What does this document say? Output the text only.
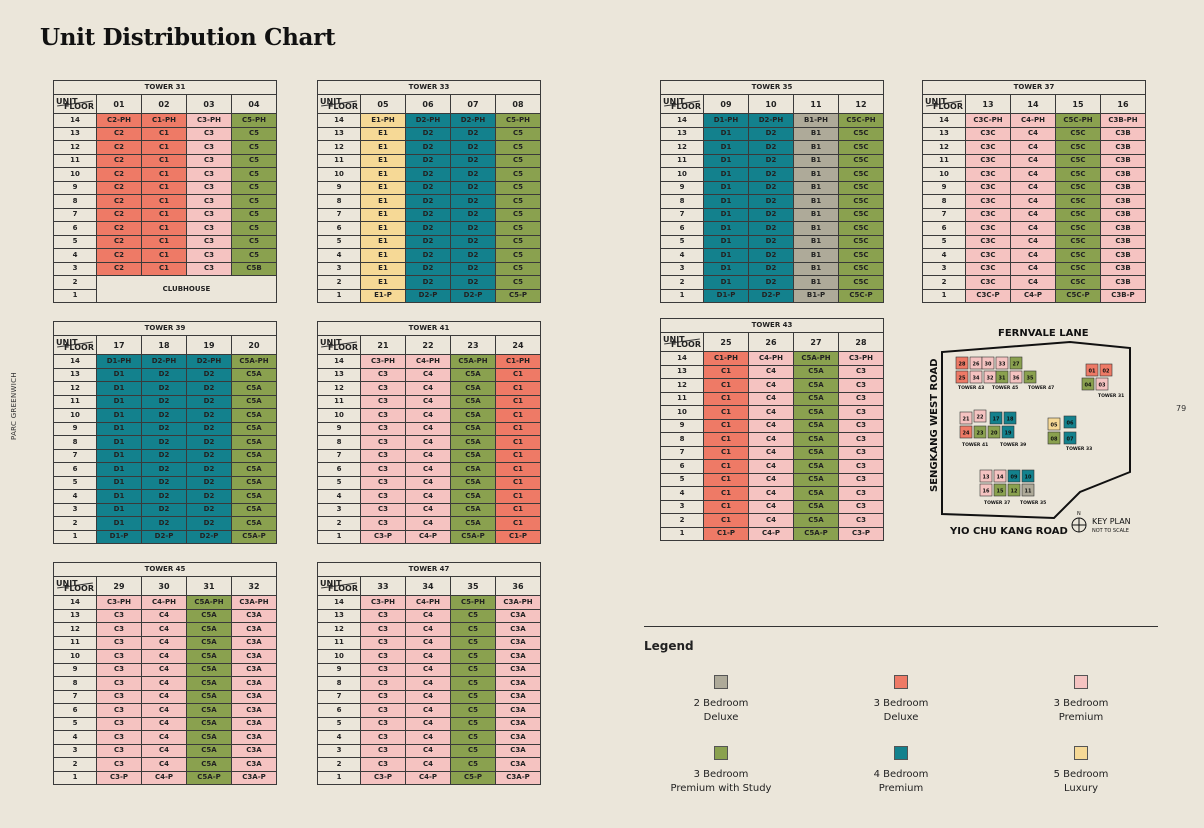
Unit Distribution Chart
PARC GREENWICH	79
TOWER 31				

UNIT
FLOOR	01	02	03	04
14	C2-PH	C1-PH	C3-PH	C5-PH
13	C2	C1	C3	C5
12	C2	C1	C3	C5
11	C2	C1	C3	C5
10	C2	C1	C3	C5
9	C2	C1	C3	C5
8	C2	C1	C3	C5
7	C2	C1	C3	C5
6	C2	C1	C3	C5
5	C2	C1	C3	C5
4	C2	C1	C3	C5
3	C2	C1	C3	C5B
2	CLUBHOUSE			
1				
TOWER 33				

UNIT
FLOOR	05	06	07	08
14	E1-PH	D2-PH	D2-PH	C5-PH
13	E1	D2	D2	C5
12	E1	D2	D2	C5
11	E1	D2	D2	C5
10	E1	D2	D2	C5
9	E1	D2	D2	C5
8	E1	D2	D2	C5
7	E1	D2	D2	C5
6	E1	D2	D2	C5
5	E1	D2	D2	C5
4	E1	D2	D2	C5
3	E1	D2	D2	C5
2	E1	D2	D2	C5
1	E1-P	D2-P	D2-P	C5-P
TOWER 35				

UNIT
FLOOR	09	10	11	12
14	D1-PH	D2-PH	B1-PH	C5C-PH
13	D1	D2	B1	C5C
12	D1	D2	B1	C5C
11	D1	D2	B1	C5C
10	D1	D2	B1	C5C
9	D1	D2	B1	C5C
8	D1	D2	B1	C5C
7	D1	D2	B1	C5C
6	D1	D2	B1	C5C
5	D1	D2	B1	C5C
4	D1	D2	B1	C5C
3	D1	D2	B1	C5C
2	D1	D2	B1	C5C
1	D1-P	D2-P	B1-P	C5C-P
TOWER 37				

UNIT
FLOOR	13	14	15	16
14	C3C-PH	C4-PH	C5C-PH	C3B-PH
13	C3C	C4	C5C	C3B
12	C3C	C4	C5C	C3B
11	C3C	C4	C5C	C3B
10	C3C	C4	C5C	C3B
9	C3C	C4	C5C	C3B
8	C3C	C4	C5C	C3B
7	C3C	C4	C5C	C3B
6	C3C	C4	C5C	C3B
5	C3C	C4	C5C	C3B
4	C3C	C4	C5C	C3B
3	C3C	C4	C5C	C3B
2	C3C	C4	C5C	C3B
1	C3C-P	C4-P	C5C-P	C3B-P
TOWER 39				

UNIT
FLOOR	17	18	19	20
14	D1-PH	D2-PH	D2-PH	C5A-PH
13	D1	D2	D2	C5A
12	D1	D2	D2	C5A
11	D1	D2	D2	C5A
10	D1	D2	D2	C5A
9	D1	D2	D2	C5A
8	D1	D2	D2	C5A
7	D1	D2	D2	C5A
6	D1	D2	D2	C5A
5	D1	D2	D2	C5A
4	D1	D2	D2	C5A
3	D1	D2	D2	C5A
2	D1	D2	D2	C5A
1	D1-P	D2-P	D2-P	C5A-P
TOWER 41				

UNIT
FLOOR	21	22	23	24
14	C3-PH	C4-PH	C5A-PH	C1-PH
13	C3	C4	C5A	C1
12	C3	C4	C5A	C1
11	C3	C4	C5A	C1
10	C3	C4	C5A	C1
9	C3	C4	C5A	C1
8	C3	C4	C5A	C1
7	C3	C4	C5A	C1
6	C3	C4	C5A	C1
5	C3	C4	C5A	C1
4	C3	C4	C5A	C1
3	C3	C4	C5A	C1
2	C3	C4	C5A	C1
1	C3-P	C4-P	C5A-P	C1-P
TOWER 43				

UNIT
FLOOR	25	26	27	28
14	C1-PH	C4-PH	C5A-PH	C3-PH
13	C1	C4	C5A	C3
12	C1	C4	C5A	C3
11	C1	C4	C5A	C3
10	C1	C4	C5A	C3
9	C1	C4	C5A	C3
8	C1	C4	C5A	C3
7	C1	C4	C5A	C3
6	C1	C4	C5A	C3
5	C1	C4	C5A	C3
4	C1	C4	C5A	C3
3	C1	C4	C5A	C3
2	C1	C4	C5A	C3
1	C1-P	C4-P	C5A-P	C3-P
TOWER 45				

UNIT
FLOOR	29	30	31	32
14	C3-PH	C4-PH	C5A-PH	C3A-PH
13	C3	C4	C5A	C3A
12	C3	C4	C5A	C3A
11	C3	C4	C5A	C3A
10	C3	C4	C5A	C3A
9	C3	C4	C5A	C3A
8	C3	C4	C5A	C3A
7	C3	C4	C5A	C3A
6	C3	C4	C5A	C3A
5	C3	C4	C5A	C3A
4	C3	C4	C5A	C3A
3	C3	C4	C5A	C3A
2	C3	C4	C5A	C3A
1	C3-P	C4-P	C5A-P	C3A-P
TOWER 47				

UNIT
FLOOR	33	34	35	36
14	C3-PH	C4-PH	C5-PH	C3A-PH
13	C3	C4	C5	C3A
12	C3	C4	C5	C3A
11	C3	C4	C5	C3A
10	C3	C4	C5	C3A
9	C3	C4	C5	C3A
8	C3	C4	C5	C3A
7	C3	C4	C5	C3A
6	C3	C4	C5	C3A
5	C3	C4	C5	C3A
4	C3	C4	C5	C3A
3	C3	C4	C5	C3A
2	C3	C4	C5	C3A
1	C3-P	C4-P	C5-P	C3A-P
Legend
2 Bedroom
Deluxe
3 Bedroom
Deluxe
3 Bedroom
Premium
3 Bedroom
Premium with Study
4 Bedroom
Premium
5 Bedroom
Luxury
FERNVALE LANE
SENGKANG WEST ROAD
YIO CHU KANG ROAD
28 26
25
30 33
34
27
32 31 36 35
02
01
04 03
21 22 17 18
24 23 20 19
05 06
08 07
13 14 09 10
16 15 12 11
TOWER 43 TOWER 45 TOWER 47
TOWER 31
TOWER 41	TOWER 39
TOWER 33
TOWER 37 TOWER 35
N
KEY PLAN
NOT TO SCALE
